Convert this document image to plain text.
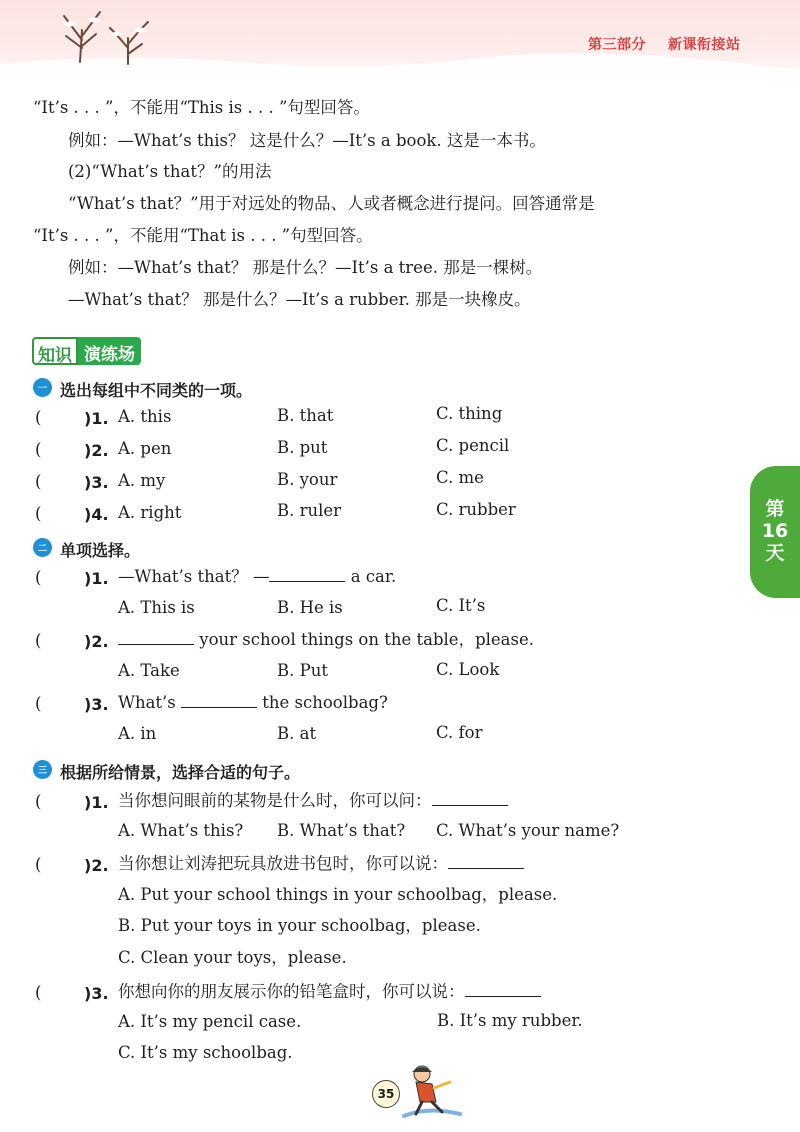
第三部分 新课衔接站
“It’s . . . ”，不能用“This is . . . ”句型回答。
例如：—What’s this？ 这是什么？—It’s a book. 这是一本书。
(2)“What’s that？”的用法
“What’s that？”用于对远处的物品、人或者概念进行提问。回答通常是
“It’s . . . ”，不能用“That is . . . ”句型回答。
例如：—What’s that？ 那是什么？—It’s a tree. 那是一棵树。
—What’s that？ 那是什么？—It’s a rubber. 那是一块橡皮。
知识 演练场
一 选出每组中不同类的一项。
(	)1. A. this	B. that	C. thing
(	)2. A. pen	B. put	C. pencil
(	)3. A. my	B. your	C. me
(	)4. A. right	B. ruler	C. rubber
二 单项选择。
(	)1. —What’s that？ —	a car.
A. This is	B. He is	C. It’s
(	)2.	your school things on the table，please.
A. Take	B. Put	C. Look
(	)3. What’s	the schoolbag?
A. in	B. at	C. for
三 根据所给情景，选择合适的句子。
(	)1. 当你想问眼前的某物是什么时，你可以问：
A. What’s this? B. What’s that? C. What’s your name?
(	)2. 当你想让刘涛把玩具放进书包时，你可以说：
A. Put your school things in your schoolbag，please.
B. Put your toys in your schoolbag，please.
C. Clean your toys，please.
(	)3. 你想向你的朋友展示你的铅笔盒时，你可以说：
A. It’s my pencil case.	B. It’s my rubber.
C. It’s my schoolbag.
第
16
天
35
